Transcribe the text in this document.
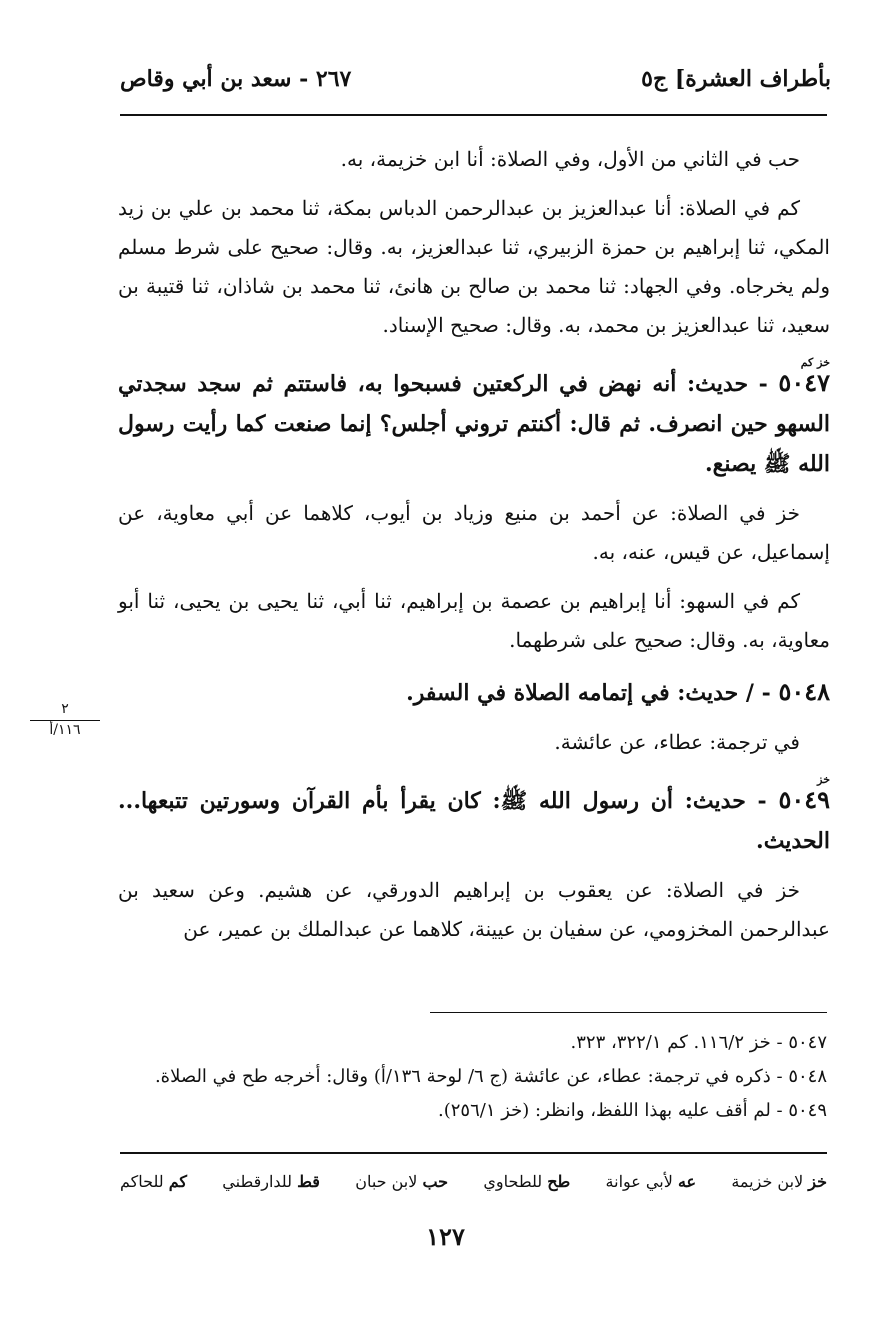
بأطراف العشرة] ج٥
٢٦٧ - سعد بن أبي وقاص

حب في الثاني من الأول، وفي الصلاة: أنا ابن خزيمة، به.

كم في الصلاة: أنا عبدالعزيز بن عبدالرحمن الدباس بمكة، ثنا محمد بن علي بن زيد المكي، ثنا إبراهيم بن حمزة الزبيري، ثنا عبدالعزيز، به. وقال: صحيح على شرط مسلم ولم يخرجاه. وفي الجهاد: ثنا محمد بن صالح بن هانئ، ثنا محمد بن شاذان، ثنا قتيبة بن سعيد، ثنا عبدالعزيز بن محمد، به. وقال: صحيح الإسناد.

خز كم
٥٠٤٧ - حديث: أنه نهض في الركعتين فسبحوا به، فاستتم ثم سجد سجدتي السهو حين انصرف. ثم قال: أكنتم تروني أجلس؟ إنما صنعت كما رأيت رسول الله ﷺ يصنع.

خز في الصلاة: عن أحمد بن منيع وزياد بن أيوب، كلاهما عن أبي معاوية، عن إسماعيل، عن قيس، عنه، به.

كم في السهو: أنا إبراهيم بن عصمة بن إبراهيم، ثنا أبي، ثنا يحيى بن يحيى، ثنا أبو معاوية، به. وقال: صحيح على شرطهما.

٥٠٤٨ - / حديث: في إتمامه الصلاة في السفر.

في ترجمة: عطاء، عن عائشة.

خز
٥٠٤٩ - حديث: أن رسول الله ﷺ: كان يقرأ بأم القرآن وسورتين تتبعها... الحديث.

خز في الصلاة: عن يعقوب بن إبراهيم الدورقي، عن هشيم. وعن سعيد بن عبدالرحمن المخزومي، عن سفيان بن عيينة، كلاهما عن عبدالملك بن عمير، عن

٢
١١٦/أ
٥٠٤٧ - خز ١١٦/٢. كم ٣٢٢/١، ٣٢٣.
٥٠٤٨ - ذكره في ترجمة: عطاء، عن عائشة (ج ٦/ لوحة ١٣٦/أ) وقال: أخرجه طح في الصلاة.
٥٠٤٩ - لم أقف عليه بهذا اللفظ، وانظر: (خز ٢٥٦/١).
خز لابن خزيمة
عه لأبي عوانة
طح للطحاوي
حب لابن حبان
قط للدارقطني
كم للحاكم
١٢٧
